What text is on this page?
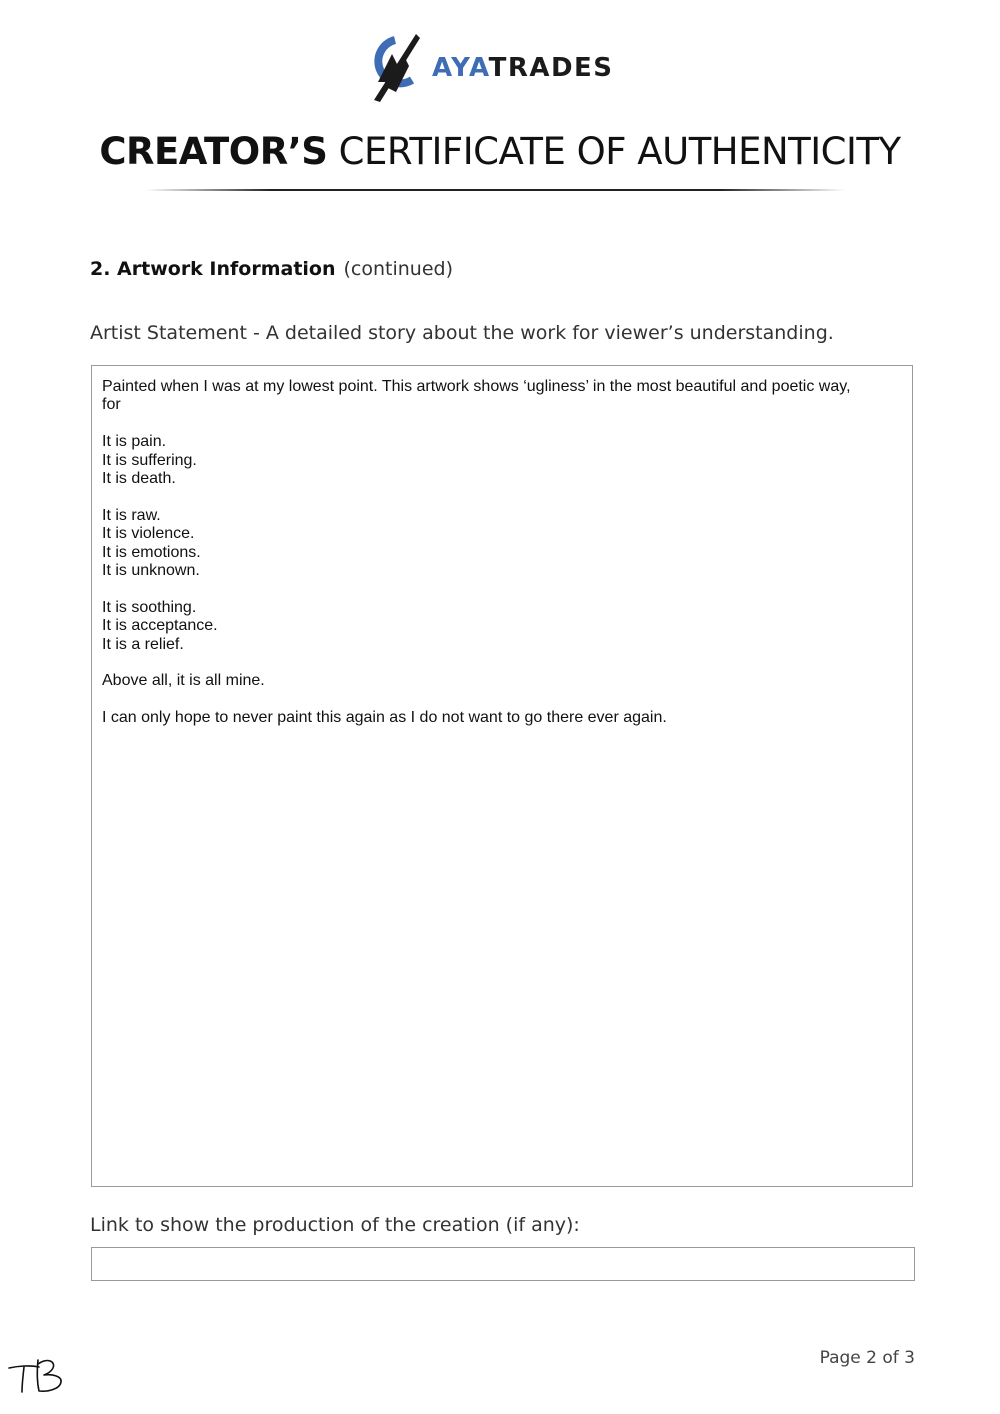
AYATRADES
CREATOR’S CERTIFICATE OF AUTHENTICITY
2. Artwork Information (continued)
Artist Statement - A detailed story about the work for viewer’s understanding.

Painted when I was at my lowest point. This artwork shows ‘ugliness’ in the most beautiful and poetic way,
for

It is pain.
It is suffering.
It is death.

It is raw.
It is violence.
It is emotions.
It is unknown.

It is soothing.
It is acceptance.
It is a relief.

Above all, it is all mine.

I can only hope to never paint this again as I do not want to go there ever again.

Link to show the production of the creation (if any):
Page 2 of 3
